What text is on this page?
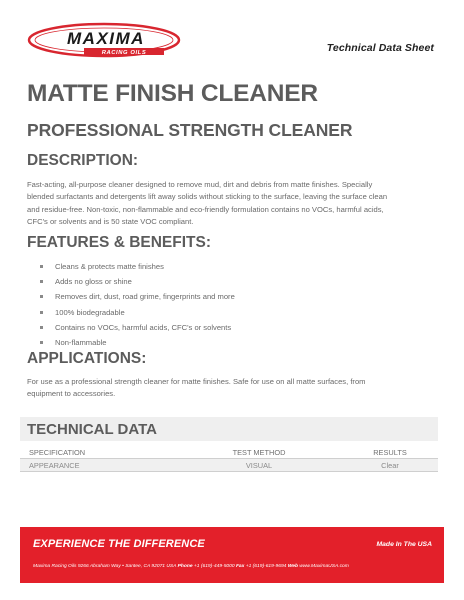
MAXIMA
RACING OILS	Technical Data Sheet
MATTE FINISH CLEANER
PROFESSIONAL STRENGTH CLEANER
DESCRIPTION:
Fast-acting, all-purpose cleaner designed to remove mud, dirt and debris from matte finishes. Specially
blended surfactants and detergents lift away solids without sticking to the surface, leaving the surface clean
and residue-free. Non-toxic, non-flammable and eco-friendly formulation contains no VOCs, harmful acids,
CFC's or solvents and is 50 state VOC compliant.
FEATURES & BENEFITS:
Cleans & protects matte finishes
Adds no gloss or shine
Removes dirt, dust, road grime, fingerprints and more
100% biodegradable
Contains no VOCs, harmful acids, CFC's or solvents
Non-flammable
APPLICATIONS:
For use as a professional strength cleaner for matte finishes. Safe for use on all matte surfaces, from
equipment to accessories.
TECHNICAL DATA
SPECIFICATION	TEST METHOD	RESULTS
APPEARANCE	VISUAL	Clear
EXPERIENCE THE DIFFERENCE	Made In The USA
Maxima Racing Oils 9266 Abraham Way • Santee, CA 92071 USA Phone +1 (619)-449-5000 Fax +1 (619)-619-9694 Web www.MaximaUSA.com
